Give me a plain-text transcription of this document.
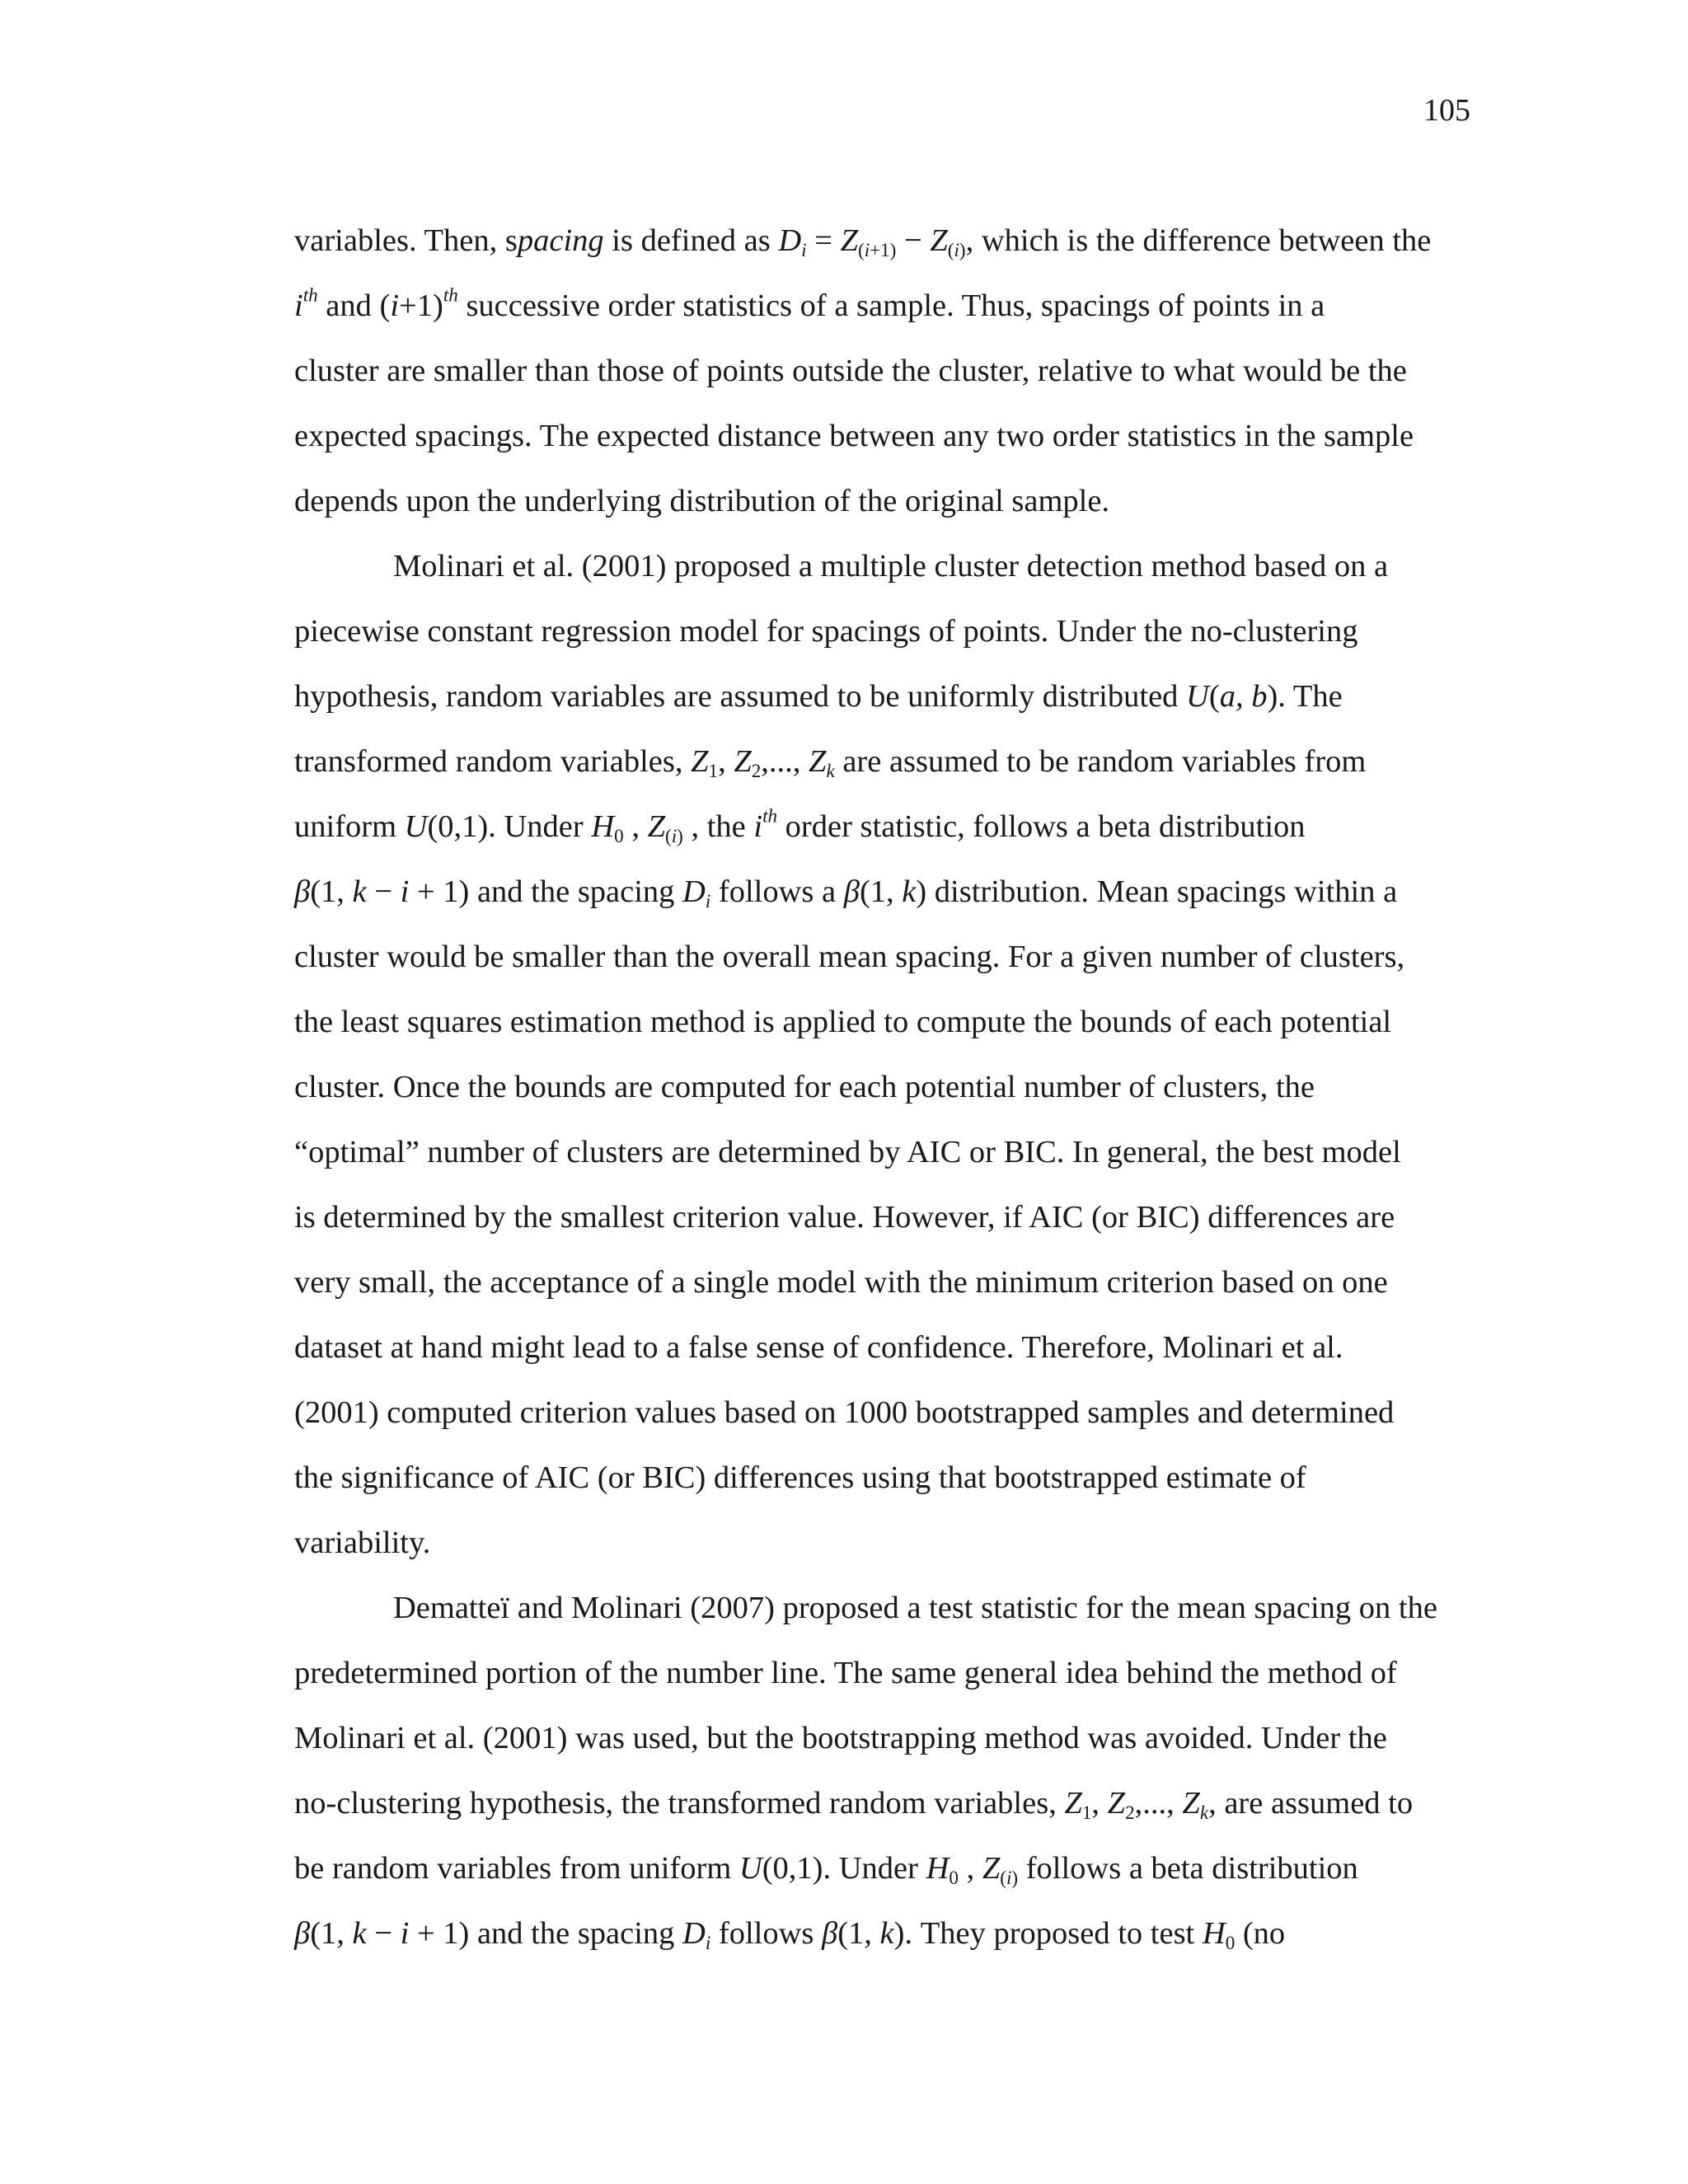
105
variables. Then, spacing is defined as $D_i = Z_{(i+1)} - Z_{(i)}$, which is the difference between the
$i^{th}$ and $(i+1)^{th}$ successive order statistics of a sample. Thus, spacings of points in a
cluster are smaller than those of points outside the cluster, relative to what would be the
expected spacings. The expected distance between any two order statistics in the sample
depends upon the underlying distribution of the original sample.
Molinari et al. (2001) proposed a multiple cluster detection method based on a
piecewise constant regression model for spacings of points. Under the no-clustering
hypothesis, random variables are assumed to be uniformly distributed U(a, b). The
transformed random variables, $Z_1$, $Z_2$,..., $Z_k$ are assumed to be random variables from
uniform U(0,1). Under $H_0$ , $Z_{(i)}$ , the $i^{th}$ order statistic, follows a beta distribution
β(1, k − i + 1) and the spacing $D_i$ follows a β(1, k) distribution. Mean spacings within a
cluster would be smaller than the overall mean spacing. For a given number of clusters,
the least squares estimation method is applied to compute the bounds of each potential
cluster. Once the bounds are computed for each potential number of clusters, the
“optimal” number of clusters are determined by AIC or BIC. In general, the best model
is determined by the smallest criterion value. However, if AIC (or BIC) differences are
very small, the acceptance of a single model with the minimum criterion based on one
dataset at hand might lead to a false sense of confidence. Therefore, Molinari et al.
(2001) computed criterion values based on 1000 bootstrapped samples and determined
the significance of AIC (or BIC) differences using that bootstrapped estimate of
variability.
Dematteï and Molinari (2007) proposed a test statistic for the mean spacing on the
predetermined portion of the number line. The same general idea behind the method of
Molinari et al. (2001) was used, but the bootstrapping method was avoided. Under the
no-clustering hypothesis, the transformed random variables, $Z_1$, $Z_2$,..., $Z_k$, are assumed to
be random variables from uniform U(0,1). Under $H_0$ , $Z_{(i)}$ follows a beta distribution
β(1, k − i + 1) and the spacing $D_i$ follows β(1, k). They proposed to test $H_0$ (no
